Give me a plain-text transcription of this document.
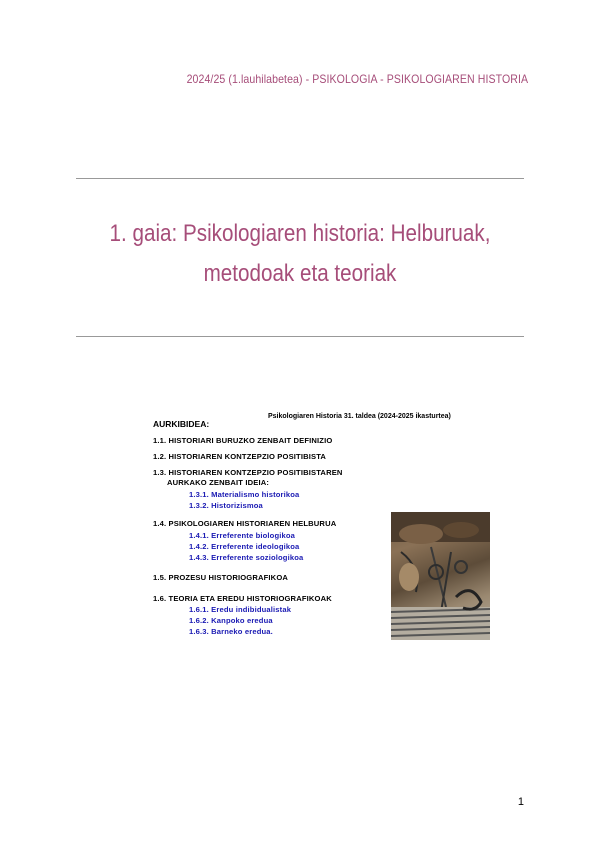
2024/25 (1.lauhilabetea) - PSIKOLOGIA - PSIKOLOGIAREN HISTORIA
1. gaia: Psikologiaren historia: Helburuak,
metodoak eta teoriak
Psikologiaren Historia 31. taldea (2024-2025 ikasturtea)
AURKIBIDEA:
1.1. HISTORIARI BURUZKO ZENBAIT DEFINIZIO
1.2. HISTORIAREN KONTZEPZIO POSITIBISTA
1.3. HISTORIAREN KONTZEPZIO POSITIBISTAREN
AURKAKO ZENBAIT IDEIA:
1.3.1. Materialismo historikoa
1.3.2. Historizismoa
1.4. PSIKOLOGIAREN HISTORIAREN HELBURUA
1.4.1. Erreferente biologikoa
1.4.2. Erreferente ideologikoa
1.4.3. Erreferente soziologikoa
1.5. PROZESU HISTORIOGRAFIKOA
1.6. TEORIA ETA EREDU HISTORIOGRAFIKOAK
1.6.1. Eredu indibidualistak
1.6.2. Kanpoko eredua
1.6.3. Barneko eredua.
1
